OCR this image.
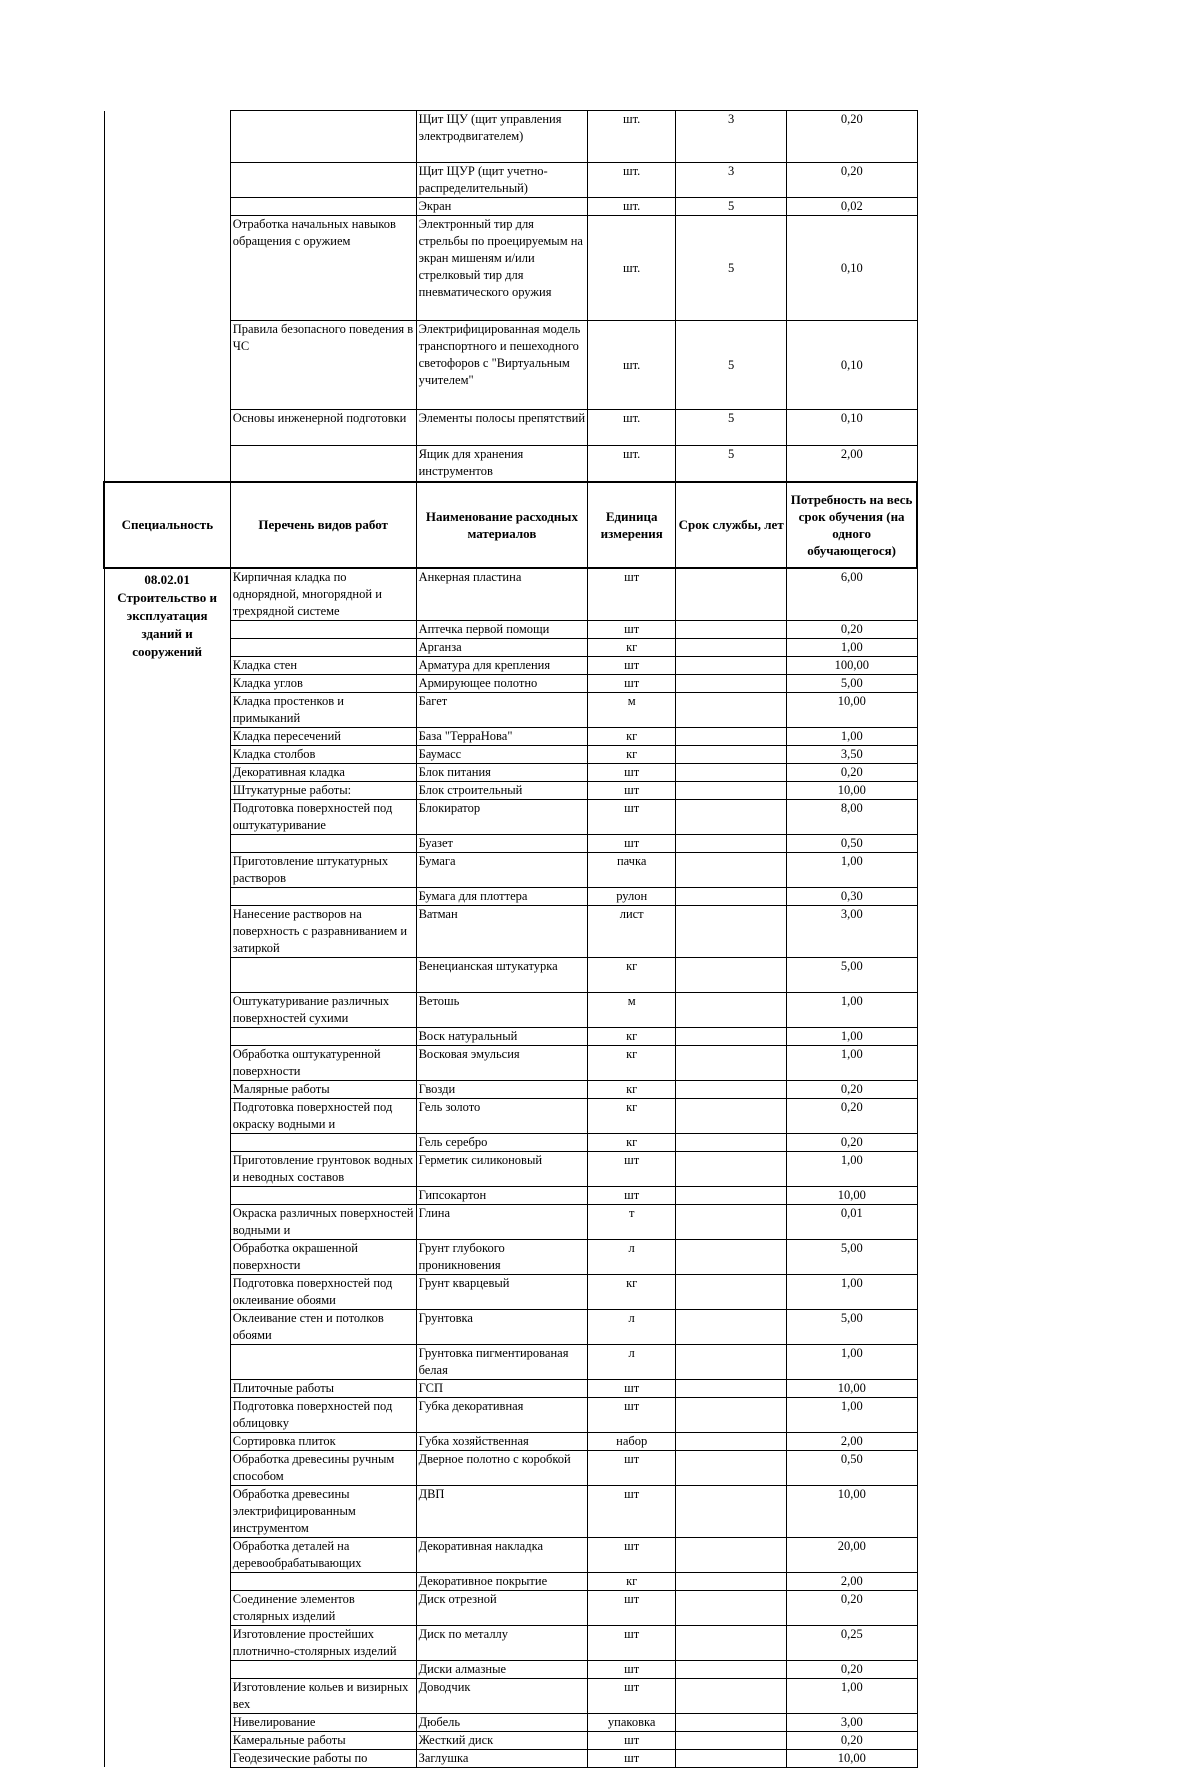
		Щит ЩУ (щит управления электродвигателем)	шт.	3	0,20
		Щит ЩУР (щит учетно-распределительный)	шт.	3	0,20
		Экран	шт.	5	0,02
	Отработка начальных навыков обращения с оружием	Электронный тир для стрельбы по проецируемым на экран мишеням и/или стрелковый тир для пневматического оружия	шт.	5	0,10
	Правила безопасного поведения в ЧС	Электрифицированная модель транспортного и пешеходного светофоров с "Виртуальным учителем"	шт.	5	0,10
	Основы инженерной подготовки	Элементы полосы препятствий	шт.	5	0,10
		Ящик для хранения инструментов	шт.	5	2,00
Специальность	Перечень видов работ	Наименование расходных материалов	Единица измерения	Срок службы, лет	Потребность на весь срок обучения (на одного обучающегося)
08.02.01 Строительство и эксплуатация зданий и сооружений	Кирпичная кладка по однорядной, многорядной и трехрядной системе	Анкерная пластина	шт		6,00
		Аптечка первой помощи	шт		0,20
		Арганза	кг		1,00
	Кладка стен	Арматура для крепления	шт		100,00
	Кладка углов	Армирующее полотно	шт		5,00
	Кладка простенков и примыканий	Багет	м		10,00
	Кладка пересечений	База "ТерраНова"	кг		1,00
	Кладка столбов	Баумасс	кг		3,50
	Декоративная кладка	Блок питания	шт		0,20
	Штукатурные работы:	Блок строительный	шт		10,00
	Подготовка поверхностей под оштукатуривание	Блокиратор	шт		8,00
		Буазет	шт		0,50
	Приготовление штукатурных растворов	Бумага	пачка		1,00
		Бумага для плоттера	рулон		0,30
	Нанесение растворов на поверхность с разравниванием и затиркой	Ватман	лист		3,00
		Венецианская штукатурка	кг		5,00
	Оштукатуривание различных поверхностей сухими	Ветошь	м		1,00
		Воск натуральный	кг		1,00
	Обработка оштукатуренной поверхности	Восковая эмульсия	кг		1,00
	Малярные работы	Гвозди	кг		0,20
	Подготовка поверхностей под окраску водными и	Гель золото	кг		0,20
		Гель серебро	кг		0,20
	Приготовление грунтовок водных и неводных составов	Герметик силиконовый	шт		1,00
		Гипсокартон	шт		10,00
	Окраска различных поверхностей водными и	Глина	т		0,01
	Обработка окрашенной поверхности	Грунт глубокого проникновения	л		5,00
	Подготовка поверхностей под оклеивание обоями	Грунт кварцевый	кг		1,00
	Оклеивание стен и потолков обоями	Грунтовка	л		5,00
		Грунтовка пигментированая белая	л		1,00
	Плиточные работы	ГСП	шт		10,00
	Подготовка поверхностей под облицовку	Губка декоративная	шт		1,00
	Сортировка плиток	Губка хозяйственная	набор		2,00
	Обработка древесины ручным способом	Дверное полотно с коробкой	шт		0,50
	Обработка древесины электрифицированным инструментом	ДВП	шт		10,00
	Обработка деталей на деревообрабатывающих	Декоративная накладка	шт		20,00
		Декоративное покрытие	кг		2,00
	Соединение элементов столярных изделий	Диск отрезной	шт		0,20
	Изготовление простейших плотнично-столярных изделий	Диск по металлу	шт		0,25
		Диски алмазные	шт		0,20
	Изготовление кольев и визирных вех	Доводчик	шт		1,00
	Нивелирование	Дюбель	упаковка		3,00
	Камеральные работы	Жесткий диск	шт		0,20
	Геодезические работы по	Заглушка	шт		10,00
